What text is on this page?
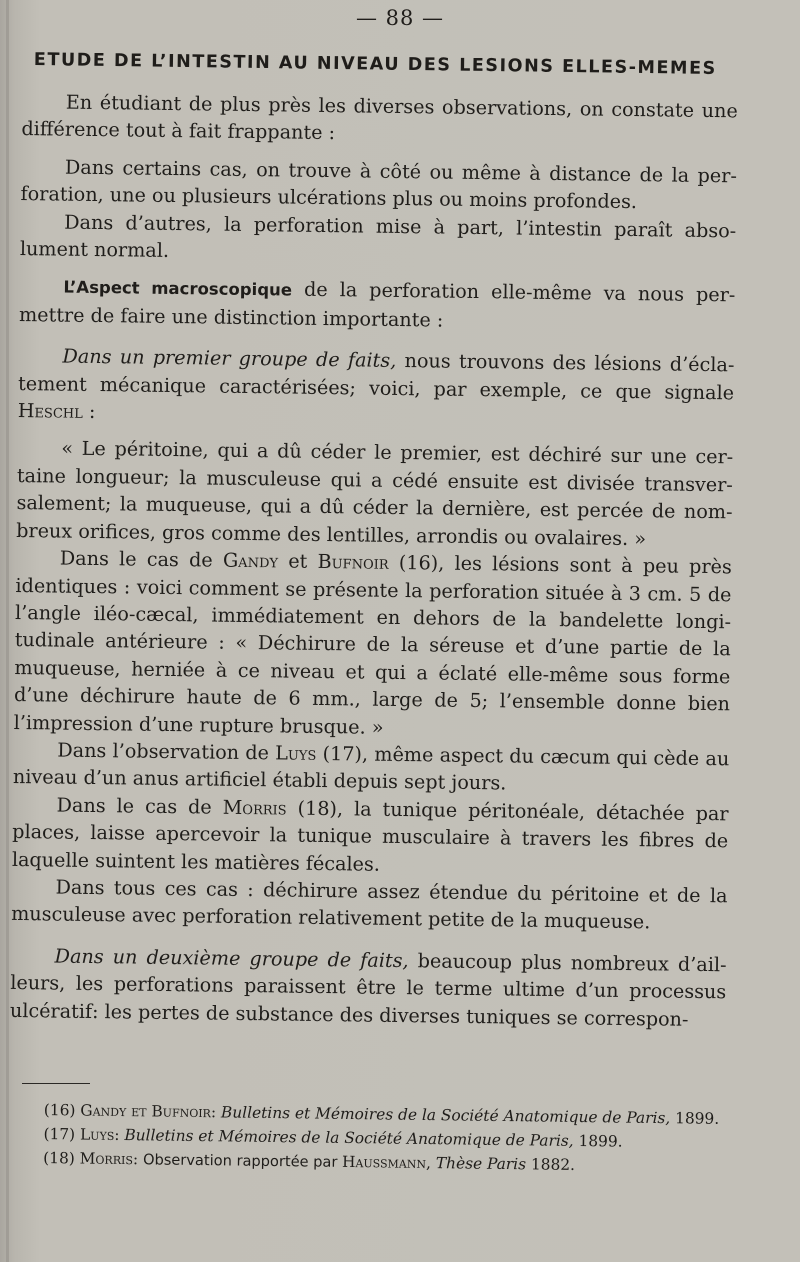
— 88 —
ETUDE DE L’INTESTIN AU NIVEAU DES LESIONS ELLES-MEMES

En étudiant de plus près les diverses observations, on constate une différence tout à fait frappante :

Dans certains cas, on trouve à côté ou même à distance de la perforation, une ou plusieurs ulcérations plus ou moins profondes.

Dans d’autres, la perforation mise à part, l’intestin paraît absolument normal.

L’Aspect macroscopique de la perforation elle-même va nous permettre de faire une distinction importante :

Dans un premier groupe de faits, nous trouvons des lésions d’éclatement mécanique caractérisées; voici, par exemple, ce que signale Heschl :

« Le péritoine, qui a dû céder le premier, est déchiré sur une certaine longueur; la musculeuse qui a cédé ensuite est divisée transversalement; la muqueuse, qui a dû céder la dernière, est percée de nombreux orifices, gros comme des lentilles, arrondis ou ovalaires. »

Dans le cas de Gandy et Bufnoir (16), les lésions sont à peu près identiques : voici comment se présente la perforation située à 3 cm. 5 de l’angle iléo-cæcal, immédiatement en dehors de la bandelette longitudinale antérieure : « Déchirure de la séreuse et d’une partie de la muqueuse, herniée à ce niveau et qui a éclaté elle-même sous forme d’une déchirure haute de 6 mm., large de 5; l’ensemble donne bien l’impression d’une rupture brusque. »

Dans l’observation de Luys (17), même aspect du cæcum qui cède au niveau d’un anus artificiel établi depuis sept jours.

Dans le cas de Morris (18), la tunique péritonéale, détachée par places, laisse apercevoir la tunique musculaire à travers les fibres de laquelle suintent les matières fécales.

Dans tous ces cas : déchirure assez étendue du péritoine et de la musculeuse avec perforation relativement petite de la muqueuse.

Dans un deuxième groupe de faits, beaucoup plus nombreux d’ailleurs, les perforations paraissent être le terme ultime d’un processus ulcératif: les pertes de substance des diverses tuniques se correspon-

(16) Gandy et Bufnoir: Bulletins et Mémoires de la Société Anatomique de Paris, 1899.
(17) Luys: Bulletins et Mémoires de la Société Anatomique de Paris, 1899.
(18) Morris: Observation rapportée par Haussmann, Thèse Paris 1882.
